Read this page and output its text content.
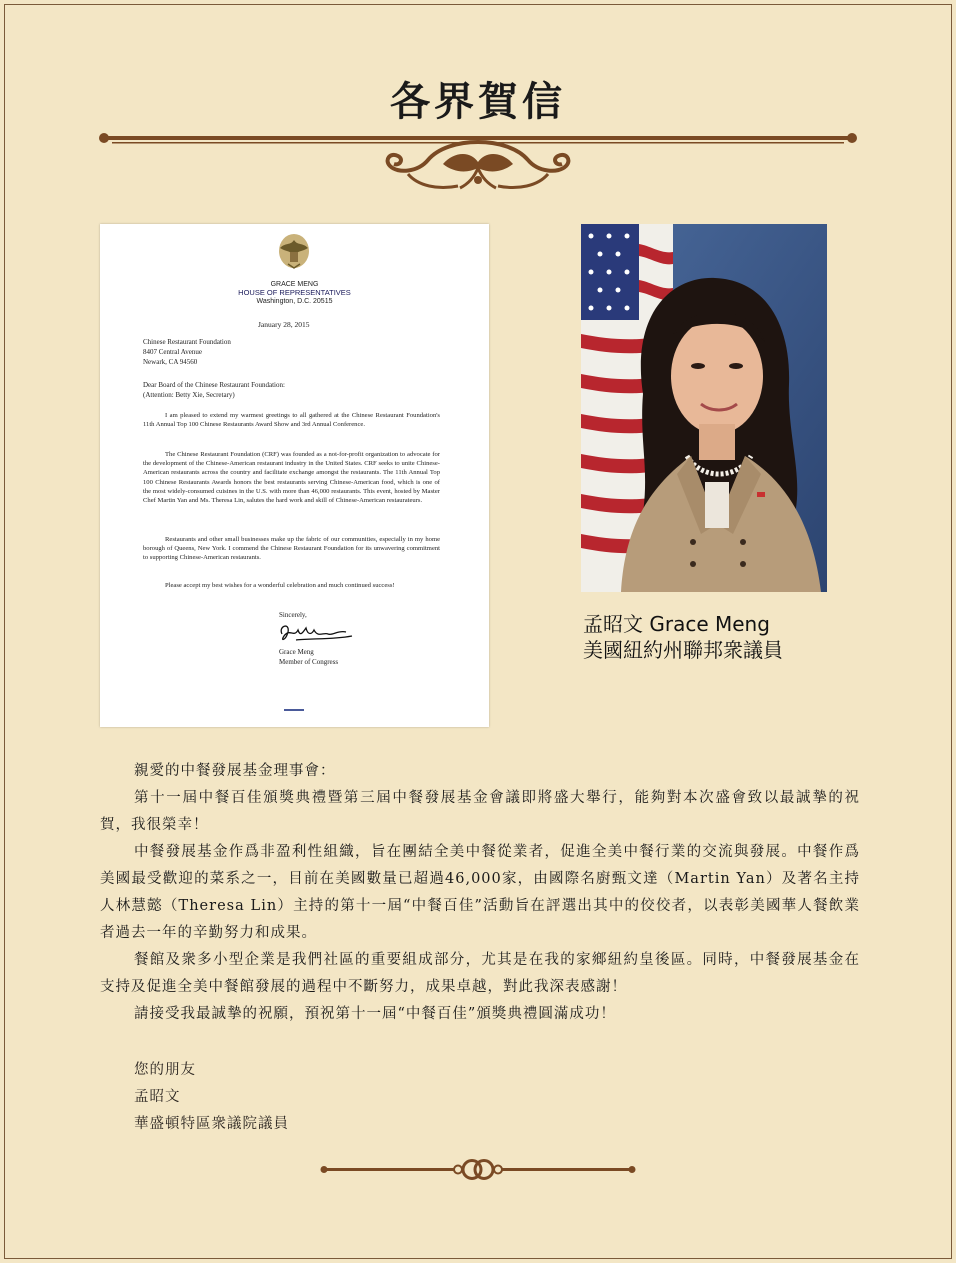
各界賀信
GRACE MENG
HOUSE OF REPRESENTATIVES
Washington, D.C. 20515
January 28, 2015
Chinese Restaurant Foundation
8407 Central Avenue
Newark, CA 94560
Dear Board of the Chinese Restaurant Foundation:
(Attention: Betty Xie, Secretary)
I am pleased to extend my warmest greetings to all gathered at the Chinese Restaurant Foundation's 11th Annual Top 100 Chinese Restaurants Award Show and 3rd Annual Conference.
The Chinese Restaurant Foundation (CRF) was founded as a not-for-profit organization to advocate for the development of the Chinese-American restaurant industry in the United States. CRF seeks to unite Chinese-American restaurants across the country and facilitate exchange amongst the restaurants. The 11th Annual Top 100 Chinese Restaurants Awards honors the best restaurants serving Chinese-American food, which is one of the most widely-consumed cuisines in the U.S. with more than 46,000 restaurants. This event, hosted by Master Chef Martin Yan and Ms. Theresa Lin, salutes the hard work and skill of Chinese-American restaurateurs.
Restaurants and other small businesses make up the fabric of our communities, especially in my home borough of Queens, New York. I commend the Chinese Restaurant Foundation for its unwavering commitment to supporting Chinese-American restaurants.
Please accept my best wishes for a wonderful celebration and much continued success!
Sincerely,
Grace Meng
Member of Congress
孟昭文 Grace Meng
美國紐約州聯邦衆議員

親愛的中餐發展基金理事會：

第十一屆中餐百佳頒獎典禮暨第三屆中餐發展基金會議即將盛大舉行，能夠對本次盛會致以最誠摯的祝賀，我很榮幸！

中餐發展基金作爲非盈利性組織，旨在團結全美中餐從業者，促進全美中餐行業的交流與發展。中餐作爲美國最受歡迎的菜系之一，目前在美國數量已超過46,000家，由國際名廚甄文達（Martin Yan）及著名主持人林慧懿（Theresa Lin）主持的第十一屆“中餐百佳”活動旨在評選出其中的佼佼者，以表彰美國華人餐飲業者過去一年的辛勤努力和成果。

餐館及衆多小型企業是我們社區的重要組成部分，尤其是在我的家鄉紐約皇後區。同時，中餐發展基金在支持及促進全美中餐館發展的過程中不斷努力，成果卓越，對此我深表感謝！

請接受我最誠摯的祝願，預祝第十一屆“中餐百佳”頒獎典禮圓滿成功！

您的朋友
孟昭文
華盛頓特區衆議院議員
